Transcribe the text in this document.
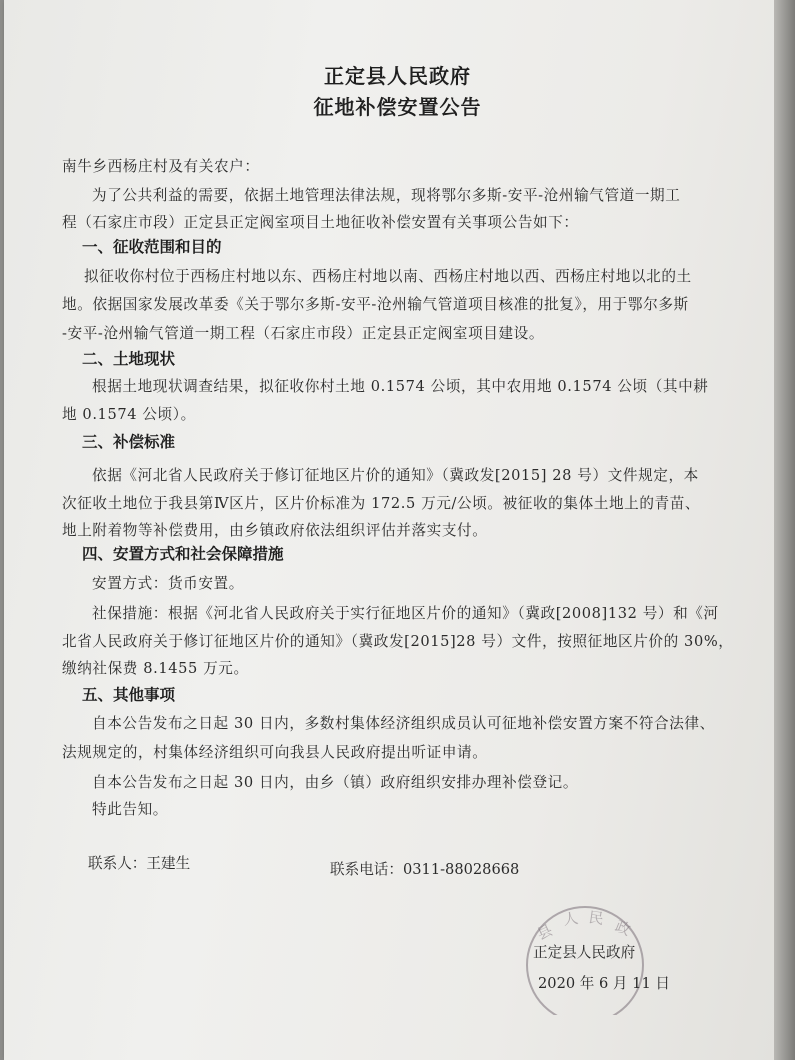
正定县人民政府
征地补偿安置公告
南牛乡西杨庄村及有关农户：
为了公共利益的需要，依据土地管理法律法规，现将鄂尔多斯-安平-沧州输气管道一期工
程（石家庄市段）正定县正定阀室项目土地征收补偿安置有关事项公告如下：
一、征收范围和目的
拟征收你村位于西杨庄村地以东、西杨庄村地以南、西杨庄村地以西、西杨庄村地以北的土
地。依据国家发展改革委《关于鄂尔多斯-安平-沧州输气管道项目核准的批复》，用于鄂尔多斯
-安平-沧州输气管道一期工程（石家庄市段）正定县正定阀室项目建设。
二、土地现状
根据土地现状调查结果，拟征收你村土地 0.1574 公顷，其中农用地 0.1574 公顷（其中耕
地 0.1574 公顷）。
三、补偿标准
依据《河北省人民政府关于修订征地区片价的通知》（冀政发[2015] 28 号）文件规定，本
次征收土地位于我县第Ⅳ区片，区片价标准为 172.5 万元/公顷。被征收的集体土地上的青苗、
地上附着物等补偿费用，由乡镇政府依法组织评估并落实支付。
四、安置方式和社会保障措施
安置方式：货币安置。
社保措施：根据《河北省人民政府关于实行征地区片价的通知》（冀政[2008]132 号）和《河
北省人民政府关于修订征地区片价的通知》（冀政发[2015]28 号）文件，按照征地区片价的 30%，
缴纳社保费 8.1455 万元。
五、其他事项
自本公告发布之日起 30 日内，多数村集体经济组织成员认可征地补偿安置方案不符合法律、
法规规定的，村集体经济组织可向我县人民政府提出听证申请。
自本公告发布之日起 30 日内，由乡（镇）政府组织安排办理补偿登记。
特此告知。
联系人：王建生	联系电话：0311-88028668
县
人 民 政
正定县人民政府
2020 年 6 月 11 日
